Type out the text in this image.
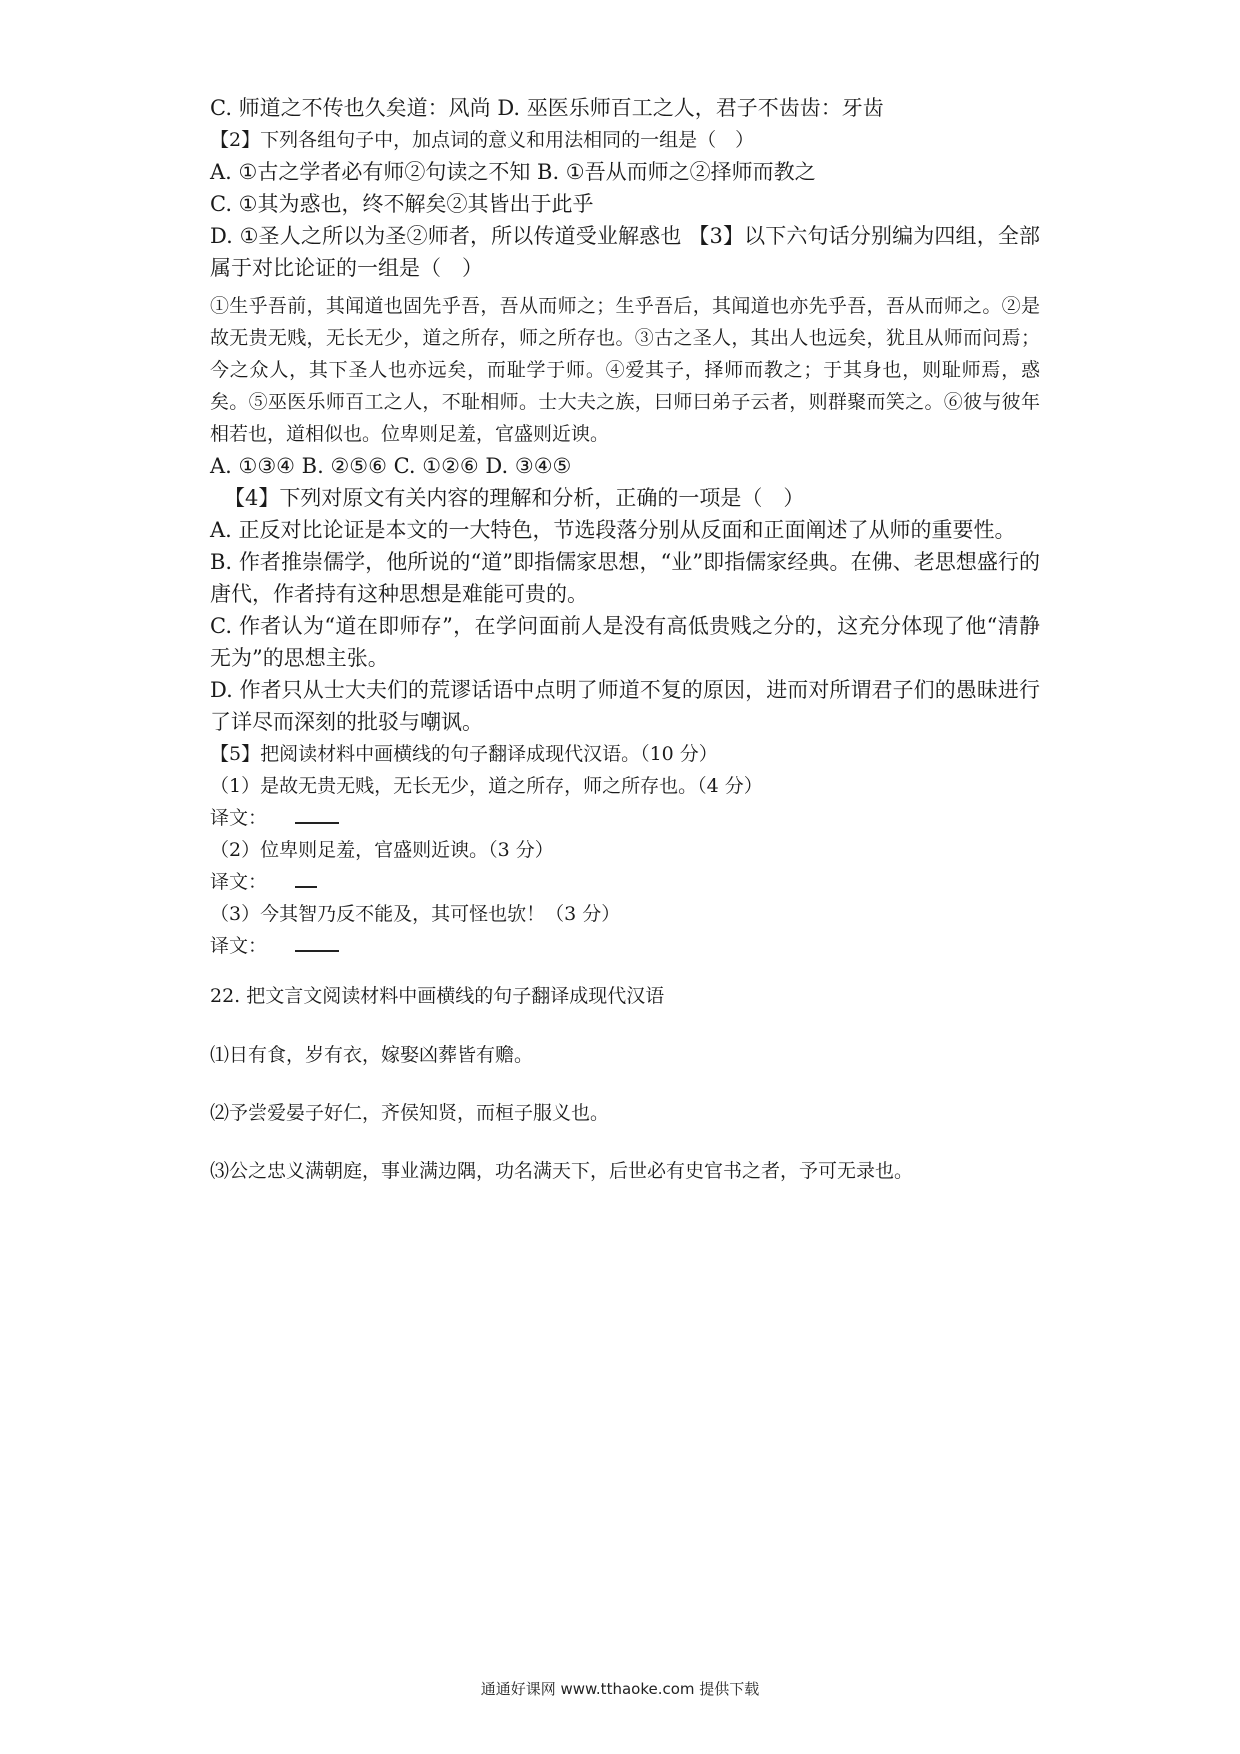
C. 师道之不传也久矣道：风尚 D. 巫医乐师百工之人，君子不齿齿：牙齿
【2】下列各组句子中，加点词的意义和用法相同的一组是（　）
A. ①古之学者必有师②句读之不知 B. ①吾从而师之②择师而教之
C. ①其为惑也，终不解矣②其皆出于此乎
D. ①圣人之所以为圣②师者，所以传道受业解惑也 【3】以下六句话分别编为四组，全部属于对比论证的一组是（　）
①生乎吾前，其闻道也固先乎吾，吾从而师之；生乎吾后，其闻道也亦先乎吾，吾从而师之。②是故无贵无贱，无长无少，道之所存，师之所存也。③古之圣人，其出人也远矣，犹且从师而问焉；今之众人，其下圣人也亦远矣，而耻学于师。④爱其子，择师而教之；于其身也，则耻师焉，惑矣。⑤巫医乐师百工之人，不耻相师。士大夫之族，曰师曰弟子云者，则群聚而笑之。⑥彼与彼年相若也，道相似也。位卑则足羞，官盛则近谀。
A. ①③④ B. ②⑤⑥ C. ①②⑥ D. ③④⑤
【4】下列对原文有关内容的理解和分析，正确的一项是（　）
A. 正反对比论证是本文的一大特色，节选段落分别从反面和正面阐述了从师的重要性。
B. 作者推崇儒学，他所说的“道”即指儒家思想，“业”即指儒家经典。在佛、老思想盛行的唐代，作者持有这种思想是难能可贵的。
C. 作者认为“道在即师存”，在学问面前人是没有高低贵贱之分的，这充分体现了他“清静无为”的思想主张。
D. 作者只从士大夫们的荒谬话语中点明了师道不复的原因，进而对所谓君子们的愚昧进行了详尽而深刻的批驳与嘲讽。
【5】把阅读材料中画横线的句子翻译成现代汉语。（10 分）
（1）是故无贵无贱，无长无少，道之所存，师之所存也。（4 分）
译文：
（2）位卑则足羞，官盛则近谀。（3 分）
译文：
（3）今其智乃反不能及，其可怪也欤！（3 分）
译文：
22. 把文言文阅读材料中画横线的句子翻译成现代汉语
⑴日有食，岁有衣，嫁娶凶葬皆有赡。
⑵予尝爱晏子好仁，齐侯知贤，而桓子服义也。
⑶公之忠义满朝庭，事业满边隅，功名满天下，后世必有史官书之者，予可无录也。
通通好课网 www.tthaoke.com 提供下载
